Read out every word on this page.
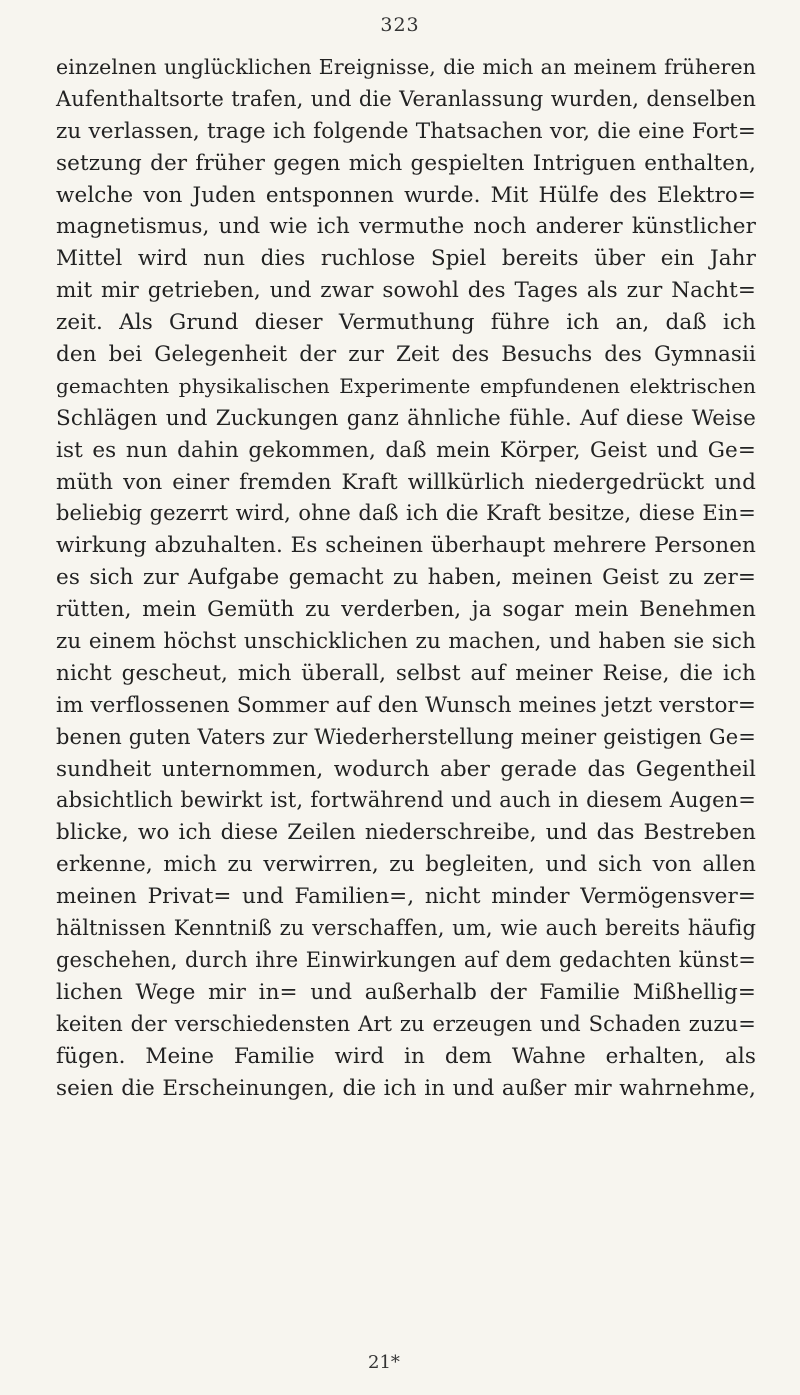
323
einzelnen unglücklichen Ereignisse, die mich an meinem früheren
Aufenthaltsorte trafen, und die Veranlassung wurden, denselben
zu verlassen, trage ich folgende Thatsachen vor, die eine Fort=
setzung der früher gegen mich gespielten Intriguen enthalten,
welche von Juden entsponnen wurde. Mit Hülfe des Elektro=
magnetismus, und wie ich vermuthe noch anderer künstlicher
Mittel wird nun dies ruchlose Spiel bereits über ein Jahr
mit mir getrieben, und zwar sowohl des Tages als zur Nacht=
zeit. Als Grund dieser Vermuthung führe ich an, daß ich
den bei Gelegenheit der zur Zeit des Besuchs des Gymnasii
gemachten physikalischen Experimente empfundenen elektrischen
Schlägen und Zuckungen ganz ähnliche fühle. Auf diese Weise
ist es nun dahin gekommen, daß mein Körper, Geist und Ge=
müth von einer fremden Kraft willkürlich niedergedrückt und
beliebig gezerrt wird, ohne daß ich die Kraft besitze, diese Ein=
wirkung abzuhalten. Es scheinen überhaupt mehrere Personen
es sich zur Aufgabe gemacht zu haben, meinen Geist zu zer=
rütten, mein Gemüth zu verderben, ja sogar mein Benehmen
zu einem höchst unschicklichen zu machen, und haben sie sich
nicht gescheut, mich überall, selbst auf meiner Reise, die ich
im verflossenen Sommer auf den Wunsch meines jetzt verstor=
benen guten Vaters zur Wiederherstellung meiner geistigen Ge=
sundheit unternommen, wodurch aber gerade das Gegentheil
absichtlich bewirkt ist, fortwährend und auch in diesem Augen=
blicke, wo ich diese Zeilen niederschreibe, und das Bestreben
erkenne, mich zu verwirren, zu begleiten, und sich von allen
meinen Privat= und Familien=, nicht minder Vermögensver=
hältnissen Kenntniß zu verschaffen, um, wie auch bereits häufig
geschehen, durch ihre Einwirkungen auf dem gedachten künst=
lichen Wege mir in= und außerhalb der Familie Mißhellig=
keiten der verschiedensten Art zu erzeugen und Schaden zuzu=
fügen. Meine Familie wird in dem Wahne erhalten, als
seien die Erscheinungen, die ich in und außer mir wahrnehme,
21*
